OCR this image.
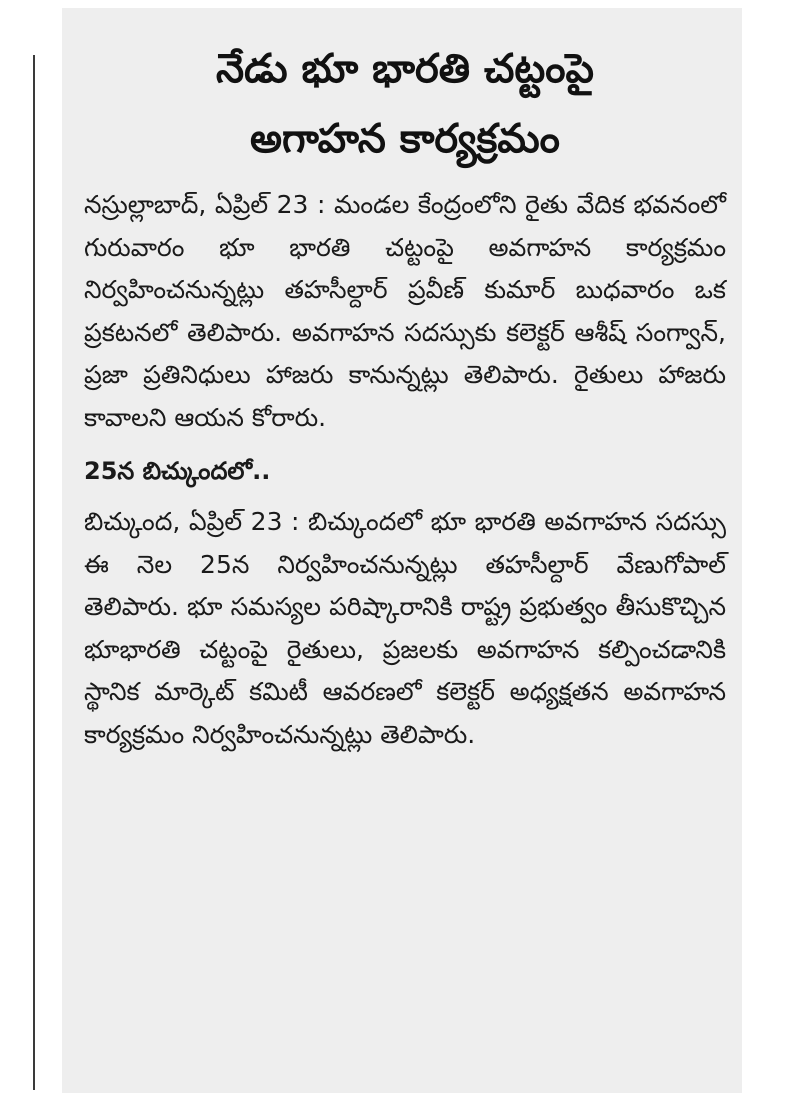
నేడు భూ భారతి చట్టంపై
అగాహన కార్యక్రమం

నస్రుల్లాబాద్, ఏప్రిల్ 23 : మండల కేంద్రంలోని రైతు వేదిక భవనంలో గురువారం భూ భారతి చట్టంపై అవగాహన కార్యక్రమం నిర్వహించనున్నట్లు తహసీల్దార్ ప్రవీణ్ కుమార్ బుధవారం ఒక ప్రకటనలో తెలిపారు. అవగాహన సదస్సుకు కలెక్టర్ ఆశీష్ సంగ్వాన్, ప్రజా ప్రతినిధులు హాజరు కానున్నట్లు తెలిపారు. రైతులు హాజరు కావాలని ఆయన కోరారు.

25న బిచ్కుందలో..

బిచ్కుంద, ఏప్రిల్ 23 : బిచ్కుందలో భూ భారతి అవగాహన సదస్సు ఈ నెల 25న నిర్వహించనున్నట్లు తహసీల్దార్ వేణుగోపాల్ తెలిపారు. భూ సమస్యల పరిష్కారానికి రాష్ట్ర ప్రభుత్వం తీసుకొచ్చిన భూభారతి చట్టంపై రైతులు, ప్రజలకు అవగాహన కల్పించడానికి స్థానిక మార్కెట్ కమిటీ ఆవరణలో కలెక్టర్ అధ్యక్షతన అవగాహన కార్యక్రమం నిర్వహించనున్నట్లు తెలిపారు.
